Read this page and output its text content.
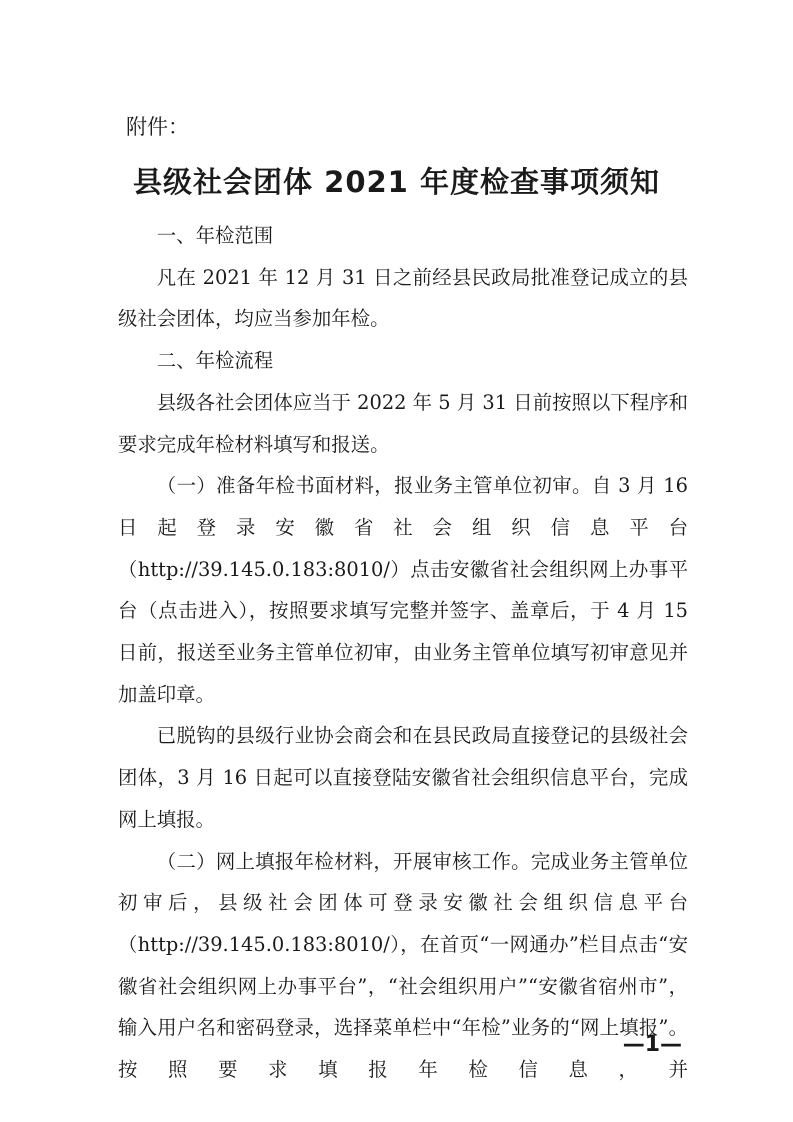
附件：
县级社会团体 2021 年度检查事项须知

一、年检范围

凡在 2021 年 12 月 31 日之前经县民政局批准登记成立的县级社会团体，均应当参加年检。

二、年检流程

县级各社会团体应当于 2022 年 5 月 31 日前按照以下程序和要求完成年检材料填写和报送。

（一）准备年检书面材料，报业务主管单位初审。自 3 月 16 日起登录安徽省社会组织信息平台（http://39.145.0.183:8010/）点击安徽省社会组织网上办事平台（点击进入），按照要求填写完整并签字、盖章后，于 4 月 15 日前，报送至业务主管单位初审，由业务主管单位填写初审意见并加盖印章。

已脱钩的县级行业协会商会和在县民政局直接登记的县级社会团体，3 月 16 日起可以直接登陆安徽省社会组织信息平台，完成网上填报。

（二）网上填报年检材料，开展审核工作。完成业务主管单位初审后，县级社会团体可登录安徽社会组织信息平台（http://39.145.0.183:8010/），在首页“一网通办”栏目点击“安徽省社会组织网上办事平台”，“社会组织用户”“安徽省宿州市”，输入用户名和密码登录，选择菜单栏中“年检”业务的“网上填报”。按照要求填报年检信息，并

—1—
